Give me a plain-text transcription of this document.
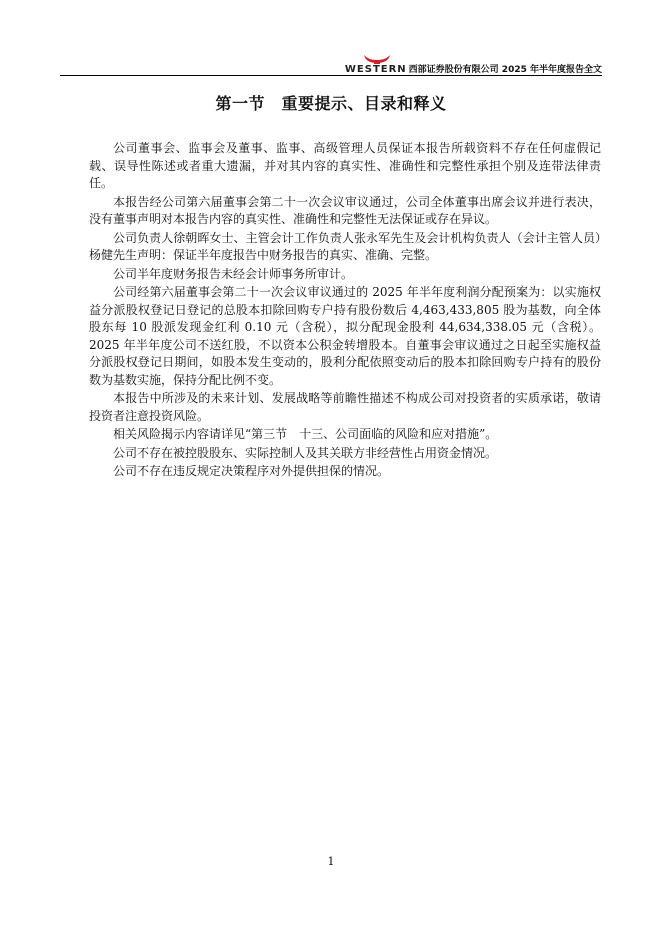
WESTERN 西部证券股份有限公司 2025 年半年度报告全文
第一节　重要提示、目录和释义

公司董事会、监事会及董事、监事、高级管理人员保证本报告所载资料不存在任何虚假记载、误导性陈述或者重大遗漏，并对其内容的真实性、准确性和完整性承担个别及连带法律责任。

本报告经公司第六届董事会第二十一次会议审议通过，公司全体董事出席会议并进行表决，没有董事声明对本报告内容的真实性、准确性和完整性无法保证或存在异议。

公司负责人徐朝晖女士、主管会计工作负责人张永军先生及会计机构负责人（会计主管人员）杨健先生声明：保证半年度报告中财务报告的真实、准确、完整。

公司半年度财务报告未经会计师事务所审计。

公司经第六届董事会第二十一次会议审议通过的 2025 年半年度利润分配预案为：以实施权益分派股权登记日登记的总股本扣除回购专户持有股份数后 4,463,433,805 股为基数，向全体股东每 10 股派发现金红利 0.10 元（含税），拟分配现金股利 44,634,338.05 元（含税）。2025 年半年度公司不送红股，不以资本公积金转增股本。自董事会审议通过之日起至实施权益分派股权登记日期间，如股本发生变动的，股利分配依照变动后的股本扣除回购专户持有的股份数为基数实施，保持分配比例不变。

本报告中所涉及的未来计划、发展战略等前瞻性描述不构成公司对投资者的实质承诺，敬请投资者注意投资风险。

相关风险揭示内容请详见“第三节　十三、公司面临的风险和应对措施”。

公司不存在被控股股东、实际控制人及其关联方非经营性占用资金情况。

公司不存在违反规定决策程序对外提供担保的情况。

1
